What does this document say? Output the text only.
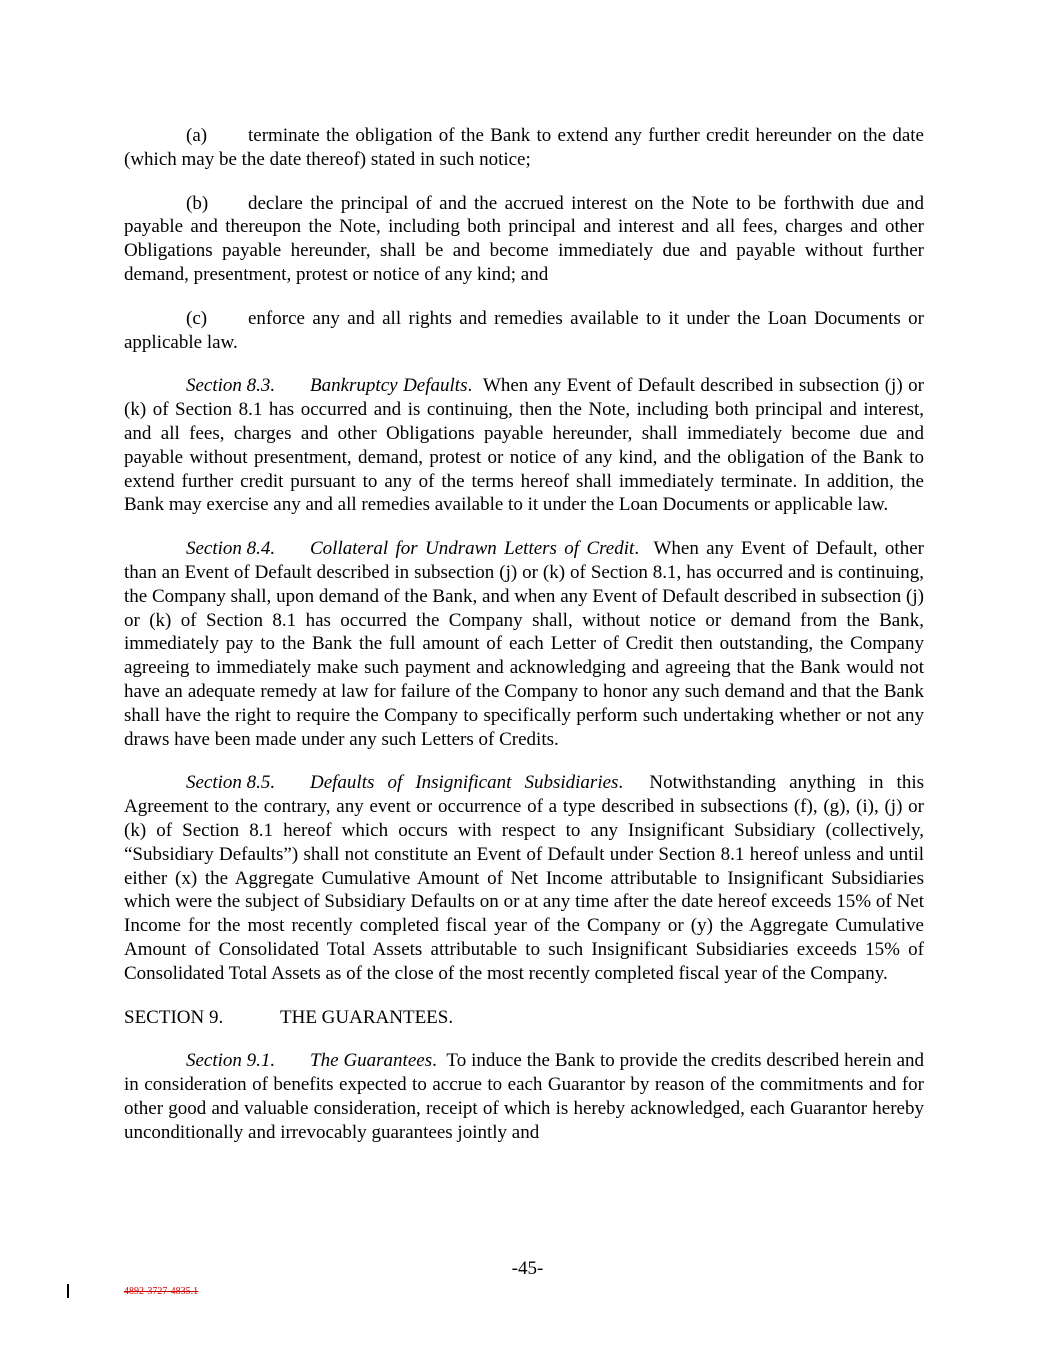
(a) terminate the obligation of the Bank to extend any further credit hereunder on the date (which may be the date thereof) stated in such notice;

(b) declare the principal of and the accrued interest on the Note to be forthwith due and payable and thereupon the Note, including both principal and interest and all fees, charges and other Obligations payable hereunder, shall be and become immediately due and payable without further demand, presentment, protest or notice of any kind; and

(c) enforce any and all rights and remedies available to it under the Loan Documents or applicable law.

Section 8.3. Bankruptcy Defaults.  When any Event of Default described in subsection (j) or (k) of Section 8.1 has occurred and is continuing, then the Note, including both principal and interest, and all fees, charges and other Obligations payable hereunder, shall immediately become due and payable without presentment, demand, protest or notice of any kind, and the obligation of the Bank to extend further credit pursuant to any of the terms hereof shall immediately terminate. In addition, the Bank may exercise any and all remedies available to it under the Loan Documents or applicable law.

Section 8.4. Collateral for Undrawn Letters of Credit.  When any Event of Default, other than an Event of Default described in subsection (j) or (k) of Section 8.1, has occurred and is continuing, the Company shall, upon demand of the Bank, and when any Event of Default described in subsection (j) or (k) of Section 8.1 has occurred the Company shall, without notice or demand from the Bank, immediately pay to the Bank the full amount of each Letter of Credit then outstanding, the Company agreeing to immediately make such payment and acknowledging and agreeing that the Bank would not have an adequate remedy at law for failure of the Company to honor any such demand and that the Bank shall have the right to require the Company to specifically perform such undertaking whether or not any draws have been made under any such Letters of Credits.

Section 8.5. Defaults of Insignificant Subsidiaries.  Notwithstanding anything in this Agreement to the contrary, any event or occurrence of a type described in subsections (f), (g), (i), (j) or (k) of Section 8.1 hereof which occurs with respect to any Insignificant Subsidiary (collectively, “Subsidiary Defaults”) shall not constitute an Event of Default under Section 8.1 hereof unless and until either (x) the Aggregate Cumulative Amount of Net Income attributable to Insignificant Subsidiaries which were the subject of Subsidiary Defaults on or at any time after the date hereof exceeds 15% of Net Income for the most recently completed fiscal year of the Company or (y) the Aggregate Cumulative Amount of Consolidated Total Assets attributable to such Insignificant Subsidiaries exceeds 15% of Consolidated Total Assets as of the close of the most recently completed fiscal year of the Company.

SECTION 9.	THE GUARANTEES.

Section 9.1. The Guarantees.  To induce the Bank to provide the credits described herein and in consideration of benefits expected to accrue to each Guarantor by reason of the commitments and for other good and valuable consideration, receipt of which is hereby acknowledged, each Guarantor hereby unconditionally and irrevocably guarantees jointly and

-45-
4892-3727-4835.1
